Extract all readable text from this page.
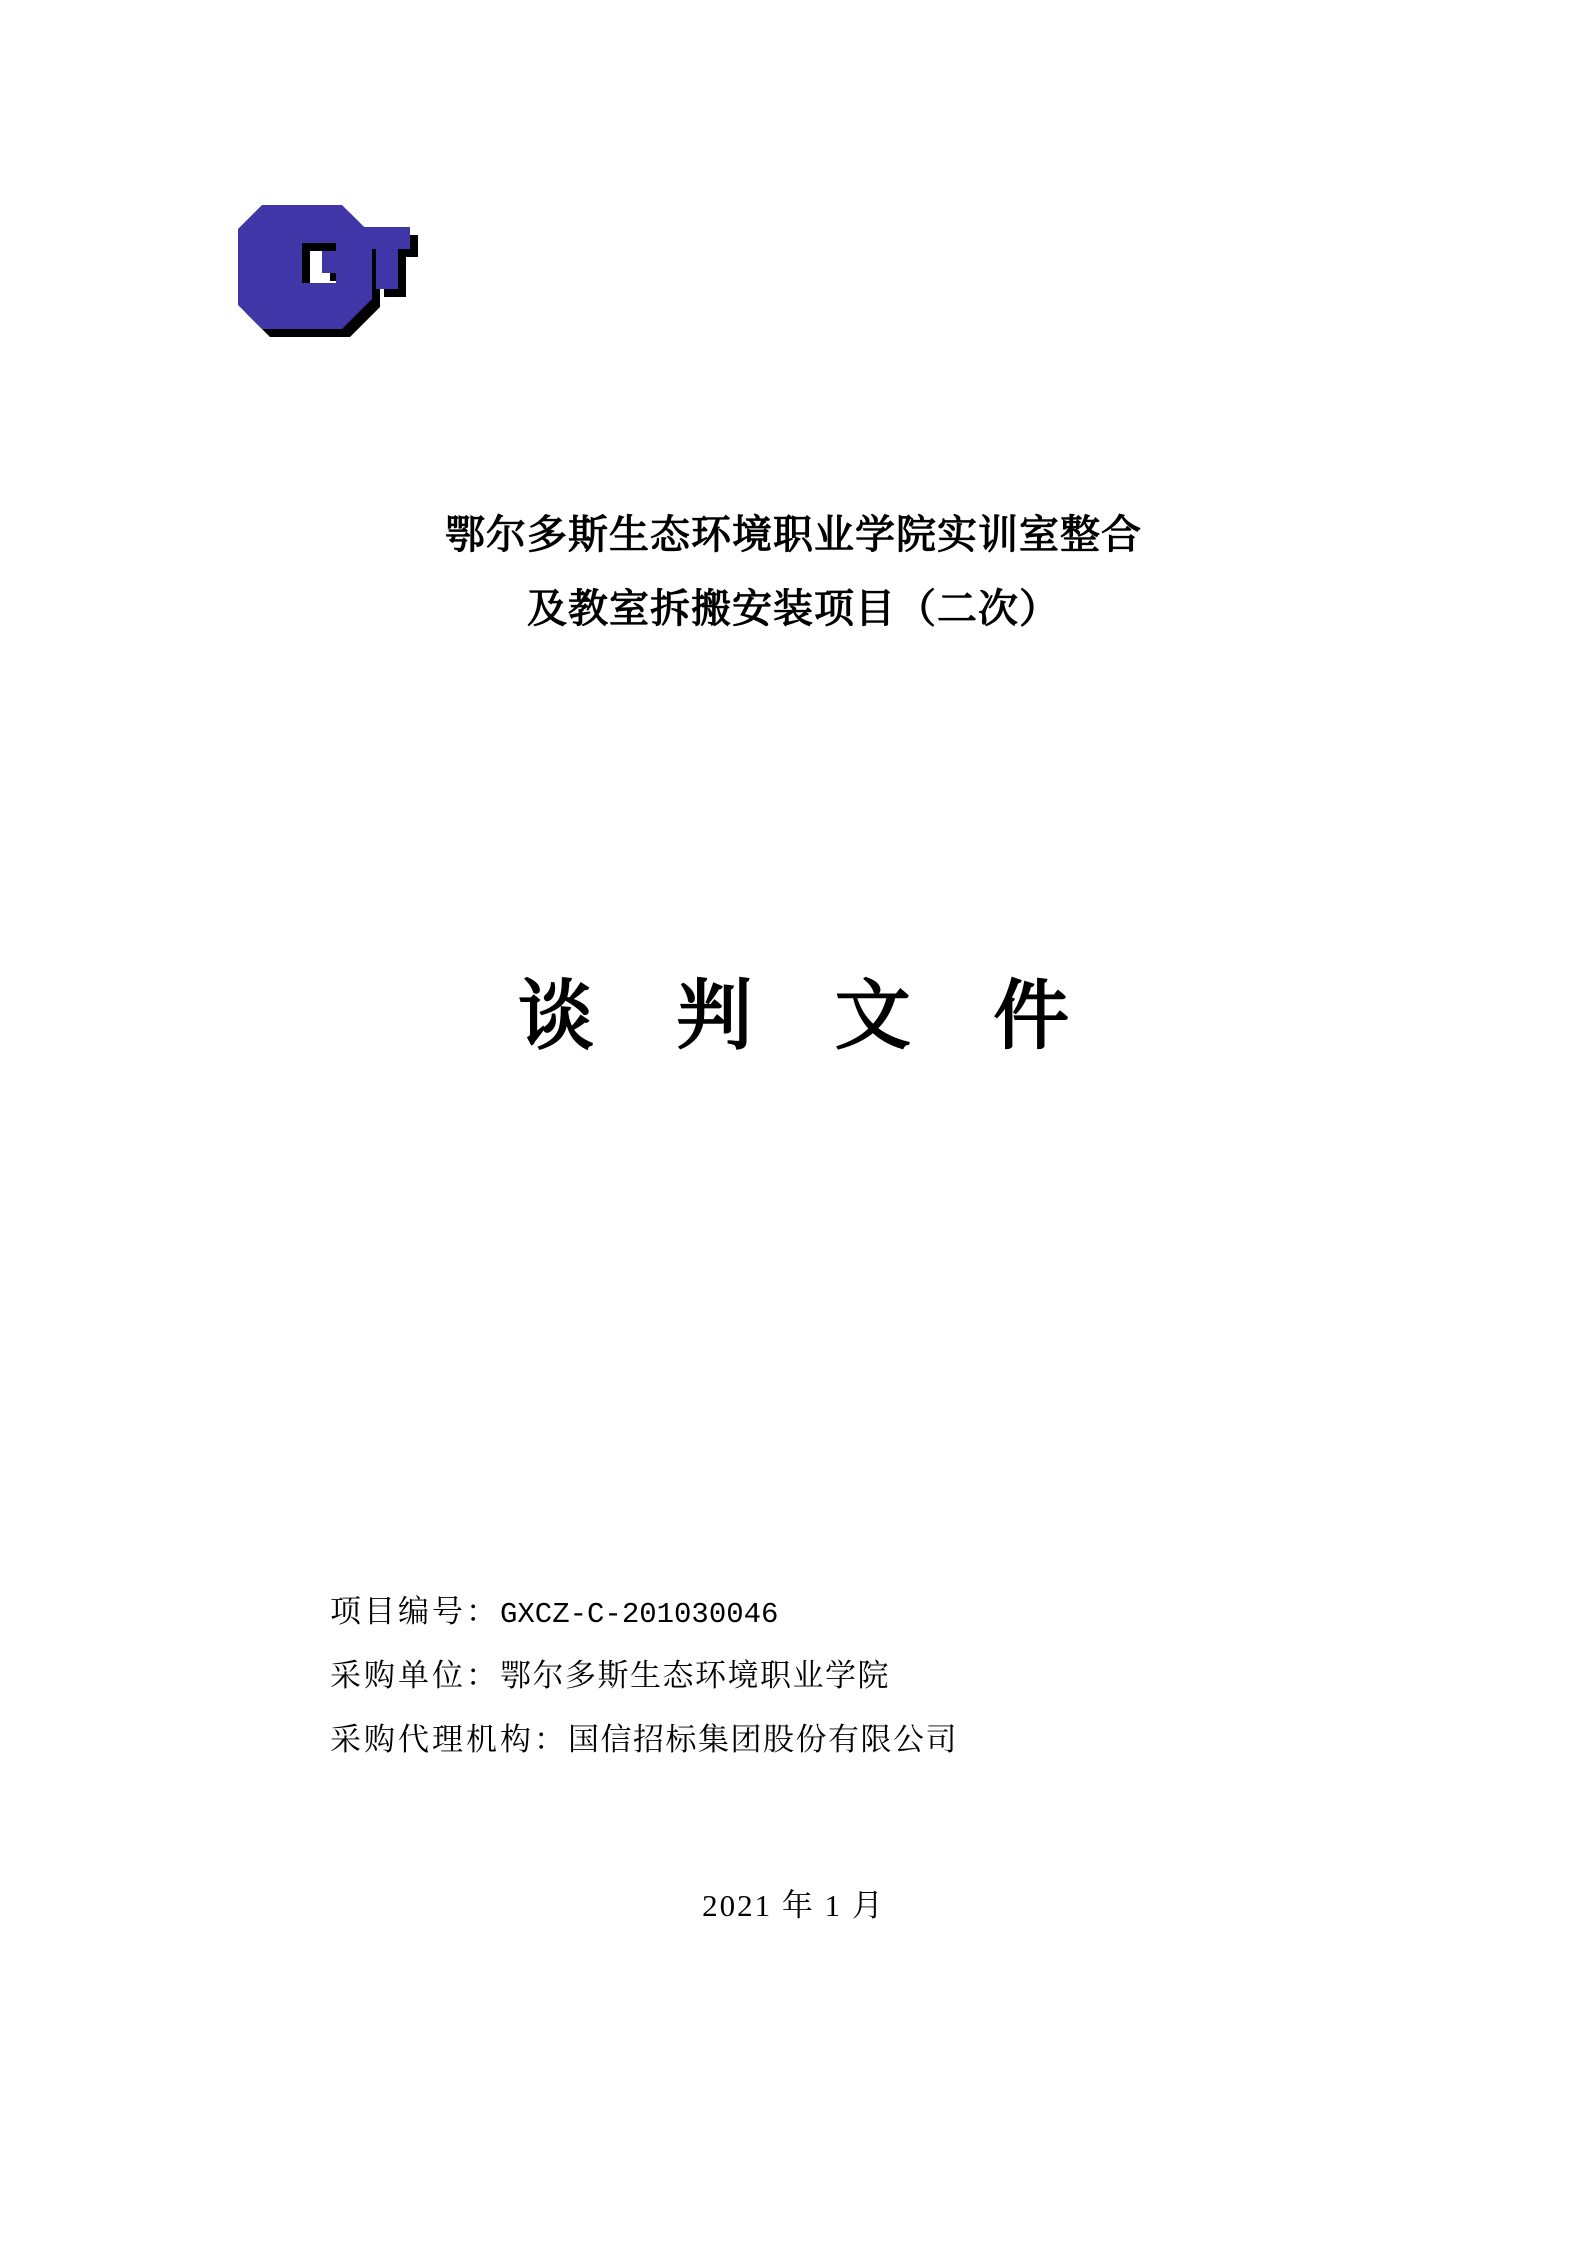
鄂尔多斯生态环境职业学院实训室整合
及教室拆搬安装项目（二次）
谈 判 文 件
项目编号：GXCZ-C-201030046
采购单位：鄂尔多斯生态环境职业学院
采购代理机构：国信招标集团股份有限公司
2021 年 1 月
